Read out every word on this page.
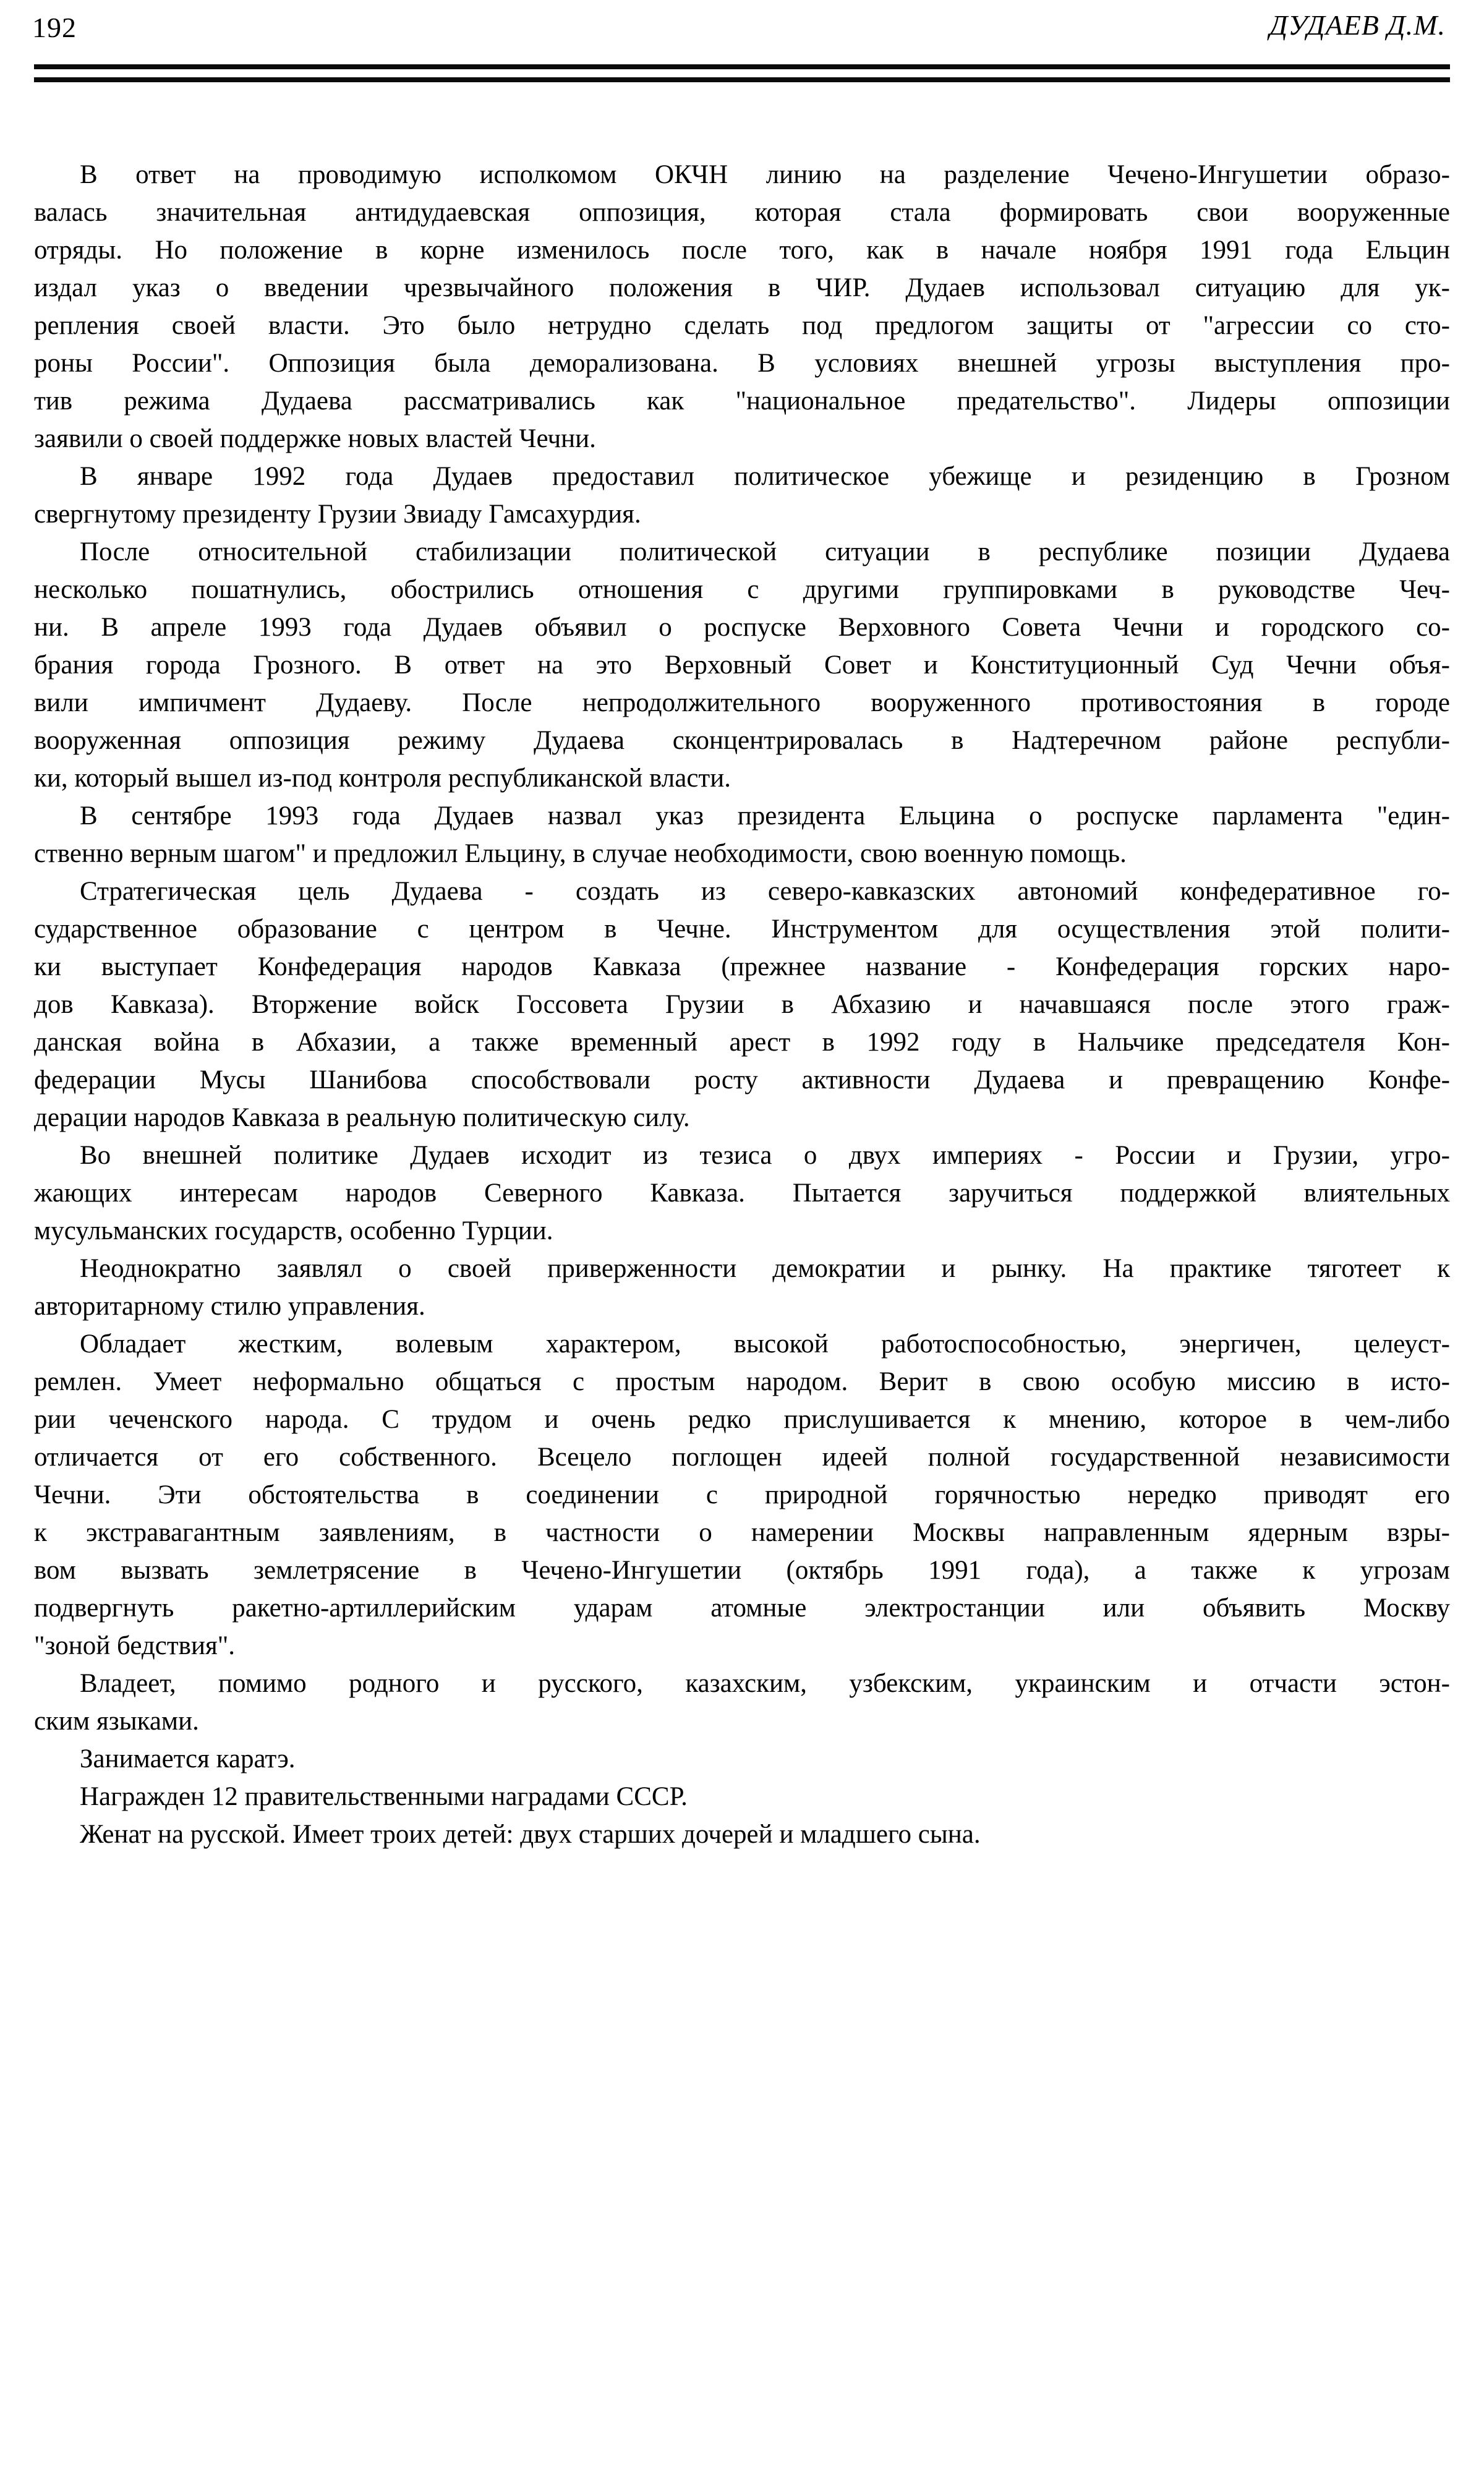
192	ДУДАЕВ Д.М.
В ответ на проводимую исполкомом ОКЧН линию на разделение Чечено-Ингушетии образо-
валась значительная антидудаевская оппозиция, которая стала формировать свои вооруженные
отряды. Но положение в корне изменилось после того, как в начале ноября 1991 года Ельцин
издал указ о введении чрезвычайного положения в ЧИР. Дудаев использовал ситуацию для ук-
репления своей власти. Это было нетрудно сделать под предлогом защиты от "агрессии со сто-
роны России". Оппозиция была деморализована. В условиях внешней угрозы выступления про-
тив режима Дудаева рассматривались как "национальное предательство". Лидеры оппозиции
заявили о своей поддержке новых властей Чечни.
В январе 1992 года Дудаев предоставил политическое убежище и резиденцию в Грозном
свергнутому президенту Грузии Звиаду Гамсахурдия.
После относительной стабилизации политической ситуации в республике позиции Дудаева
несколько пошатнулись, обострились отношения с другими группировками в руководстве Чеч-
ни. В апреле 1993 года Дудаев объявил о роспуске Верховного Совета Чечни и городского со-
брания города Грозного. В ответ на это Верховный Совет и Конституционный Суд Чечни объя-
вили импичмент Дудаеву. После непродолжительного вооруженного противостояния в городе
вооруженная оппозиция режиму Дудаева сконцентрировалась в Надтеречном районе республи-
ки, который вышел из-под контроля республиканской власти.
В сентябре 1993 года Дудаев назвал указ президента Ельцина о роспуске парламента "един-
ственно верным шагом" и предложил Ельцину, в случае необходимости, свою военную помощь.
Стратегическая цель Дудаева - создать из северо-кавказских автономий конфедеративное го-
сударственное образование с центром в Чечне. Инструментом для осуществления этой полити-
ки выступает Конфедерация народов Кавказа (прежнее название - Конфедерация горских наро-
дов Кавказа). Вторжение войск Госсовета Грузии в Абхазию и начавшаяся после этого граж-
данская война в Абхазии, а также временный арест в 1992 году в Нальчике председателя Кон-
федерации Мусы Шанибова способствовали росту активности Дудаева и превращению Конфе-
дерации народов Кавказа в реальную политическую силу.
Во внешней политике Дудаев исходит из тезиса о двух империях - России и Грузии, угро-
жающих интересам народов Северного Кавказа. Пытается заручиться поддержкой влиятельных
мусульманских государств, особенно Турции.
Неоднократно заявлял о своей приверженности демократии и рынку. На практике тяготеет к
авторитарному стилю управления.
Обладает жестким, волевым характером, высокой работоспособностью, энергичен, целеуст-
ремлен. Умеет неформально общаться с простым народом. Верит в свою особую миссию в исто-
рии чеченского народа. С трудом и очень редко прислушивается к мнению, которое в чем-либо
отличается от его собственного. Всецело поглощен идеей полной государственной независимости
Чечни. Эти обстоятельства в соединении с природной горячностью нередко приводят его
к экстравагантным заявлениям, в частности о намерении Москвы направленным ядерным взры-
вом вызвать землетрясение в Чечено-Ингушетии (октябрь 1991 года), а также к угрозам
подвергнуть ракетно-артиллерийским ударам атомные электростанции или объявить Москву
"зоной бедствия".
Владеет, помимо родного и русского, казахским, узбекским, украинским и отчасти эстон-
ским языками.
Занимается каратэ.
Награжден 12 правительственными наградами СССР.
Женат на русской. Имеет троих детей: двух старших дочерей и младшего сына.
